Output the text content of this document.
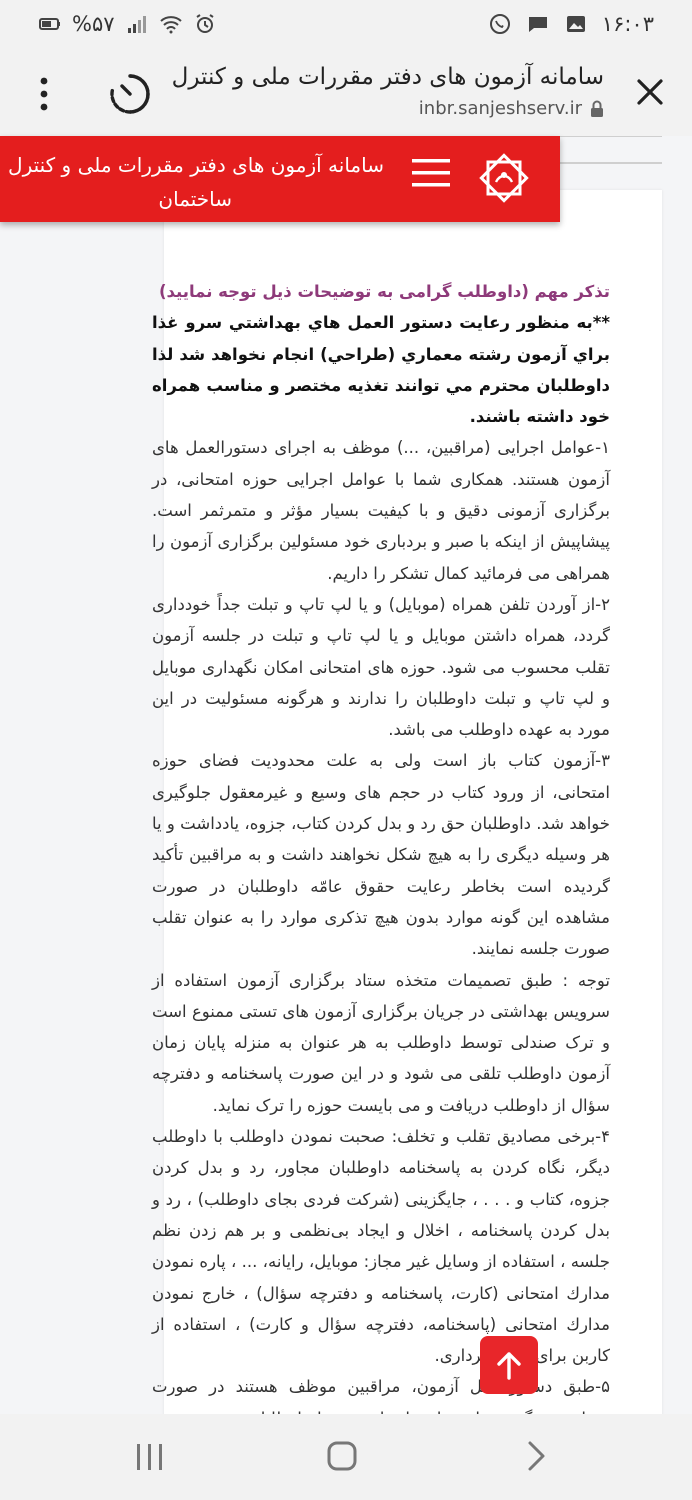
۱۶:۰۳
%۵۷
سامانه آزمون های دفتر مقررات ملی و کنترل
inbr.sanjeshserv.ir

تذکر مهم (داوطلب گرامی به توضیحات ذیل توجه نمایید)

**به منظور رعايت دستور العمل هاي بهداشتي سرو غذا براي آزمون رشته معماري (طراحي) انجام نخواهد شد لذا داوطلبان محترم مي توانند تغذيه مختصر و مناسب همراه خود داشته باشند.

۱-عوامل اجرایی (مراقبین، ...) موظف به اجرای دستورالعمل های آزمون هستند. همکاری شما با عوامل اجرایی حوزه امتحانی، در برگزاری آزمونی دقیق و با کیفیت بسیار مؤثر و متمرثمر است. پیشاپیش از اینکه با صبر و بردباری خود مسئولین برگزاری آزمون را همراهی می فرمائید کمال تشکر را داریم.

۲-از آوردن تلفن همراه (موبایل) و یا لپ تاپ و تبلت جداً خودداری گردد، همراه داشتن موبایل و یا لپ تاپ و تبلت در جلسه آزمون تقلب محسوب می شود. حوزه های امتحانی امکان نگهداری موبایل و لپ تاپ و تبلت داوطلبان را ندارند و هرگونه مسئولیت در این مورد به عهده داوطلب می باشد.

۳-آزمون کتاب باز است ولی به علت محدودیت فضای حوزه امتحانی، از ورود کتاب در حجم های وسیع و غیرمعقول جلوگیری خواهد شد. داوطلبان حق رد و بدل کردن کتاب، جزوه، یادداشت و یا هر وسیله دیگری را به هیچ شکل نخواهند داشت و به مراقبین تأکید گردیده است بخاطر رعایت حقوق عامّه داوطلبان در صورت مشاهده این گونه موارد بدون هیچ تذکری موارد را به عنوان تقلب صورت جلسه نمایند.

توجه : طبق تصمیمات متخذه ستاد برگزاری آزمون استفاده از سرویس بهداشتی در جریان برگزاری آزمون های تستی ممنوع است و ترک صندلی توسط داوطلب به هر عنوان به منزله پایان زمان آزمون داوطلب تلقی می شود و در این صورت پاسخنامه و دفترچه سؤال از داوطلب دریافت و می بایست حوزه را ترک نماید.

۴-برخی مصادیق تقلب و تخلف: صحبت نمودن داوطلب با داوطلب دیگر، نگاه کردن به پاسخنامه داوطلبان مجاور، رد و بدل کردن جزوه، کتاب و . . . ، جایگزینی (شرکت فردی بجای داوطلب) ، رد و بدل کردن پاسخنامه ، اخلال و ایجاد بی‌نظمی و بر هم زدن نظم جلسه ، استفاده از وسایل غیر مجاز: موبایل، رایانه، ... ، پاره نمودن مدارك امتحانی (کارت، پاسخنامه و دفترچه سؤال) ، خارج نمودن مدارك امتحانی (پاسخنامه، دفترچه سؤال و کارت) ، استفاده از کاربن برای نسخه برداری.

۵-طبق دستورالعمل آزمون، مراقبین موظف هستند در صورت

سامانه آزمون های دفتر مقررات ملی و کنترل
ساختمان
